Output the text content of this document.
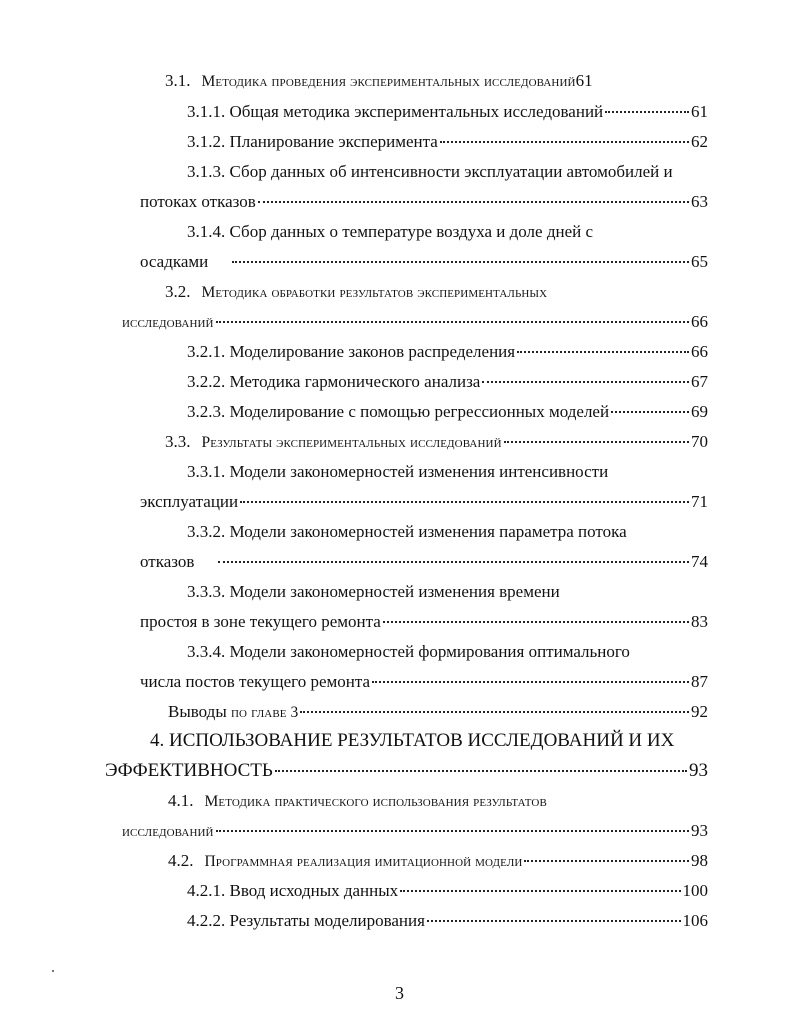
3.1. Методика проведения экспериментальных исследований 61
3.1.1. Общая методика экспериментальных исследований	61
3.1.2. Планирование эксперимента	62
3.1.3. Сбор данных об интенсивности эксплуатации автомобилей и
потоках отказов	63
3.1.4. Сбор данных о температуре воздуха и доле дней с
осадками	65
3.2. Методика обработки результатов экспериментальных
исследований	66
3.2.1. Моделирование законов распределения	66
3.2.2. Методика гармонического анализа	67
3.2.3. Моделирование с помощью регрессионных моделей	69
3.3. Результаты экспериментальных исследований	70
3.3.1. Модели закономерностей изменения интенсивности
эксплуатации	71
3.3.2. Модели закономерностей изменения параметра потока
отказов	74
3.3.3. Модели закономерностей изменения времени
простоя в зоне текущего ремонта	83
3.3.4. Модели закономерностей формирования оптимального
числа постов текущего ремонта	87
Выводы по главе 3	92
4. ИСПОЛЬЗОВАНИЕ РЕЗУЛЬТАТОВ ИССЛЕДОВАНИЙ И ИХ
ЭФФЕКТИВНОСТЬ	93
4.1. Методика практического использования результатов
исследований	93
4.2. Программная реализация имитационной модели	98
4.2.1. Ввод исходных данных	100
4.2.2. Результаты моделирования	106
3
